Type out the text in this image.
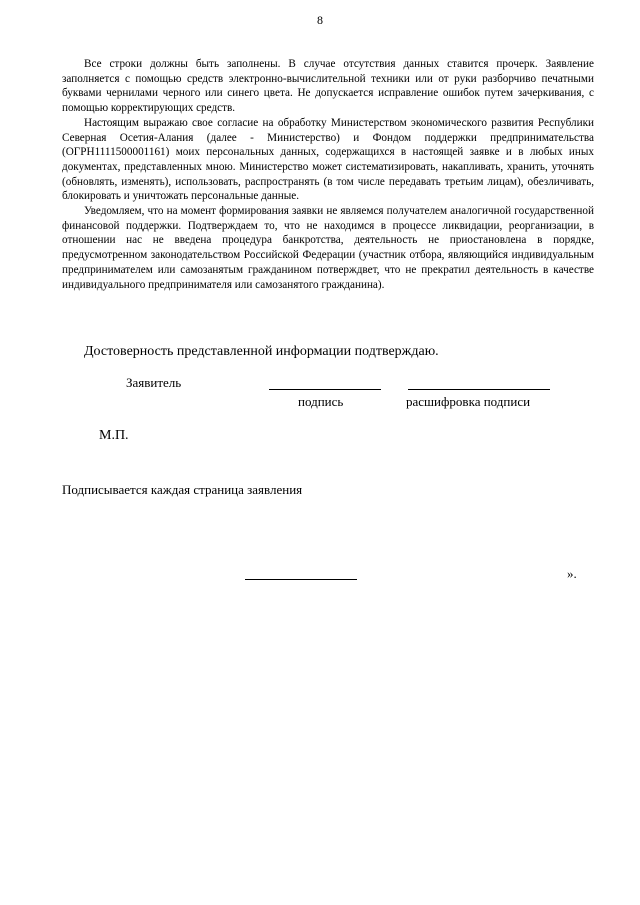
8

Все строки должны быть заполнены. В случае отсутствия данных ставится прочерк. Заявление заполняется с помощью средств электронно-вычислительной техники или от руки разборчиво печатными буквами чернилами черного или синего цвета. Не допускается исправление ошибок путем зачеркивания, с помощью корректирующих средств.

Настоящим выражаю свое согласие на обработку Министерством экономического развития Республики Северная Осетия-Алания (далее - Министерство) и Фондом поддержки предпринимательства (ОГРН1111500001161) моих персональных данных, содержащихся в настоящей заявке и в любых иных документах, представленных мною. Министерство может систематизировать, накапливать, хранить, уточнять (обновлять, изменять), использовать, распространять (в том числе передавать третьим лицам), обезличивать, блокировать и уничтожать персональные данные.

Уведомляем, что на момент формирования заявки не являемся получателем аналогичной государственной финансовой поддержки. Подтверждаем то, что не находимся в процессе ликвидации, реорганизации, в отношении нас не введена процедура банкротства, деятельность не приостановлена в порядке, предусмотренном законодательством Российской Федерации (участник отбора, являющийся индивидуальным предпринимателем или самозанятым гражданином потверждвет, что не прекратил деятельность в качестве индивидуального предпринимателя или самозанятого гражданина).

Достоверность представленной информации подтверждаю.
Заявитель
подпись	расшифровка подписи
М.П.
Подписывается каждая страница заявления
».
